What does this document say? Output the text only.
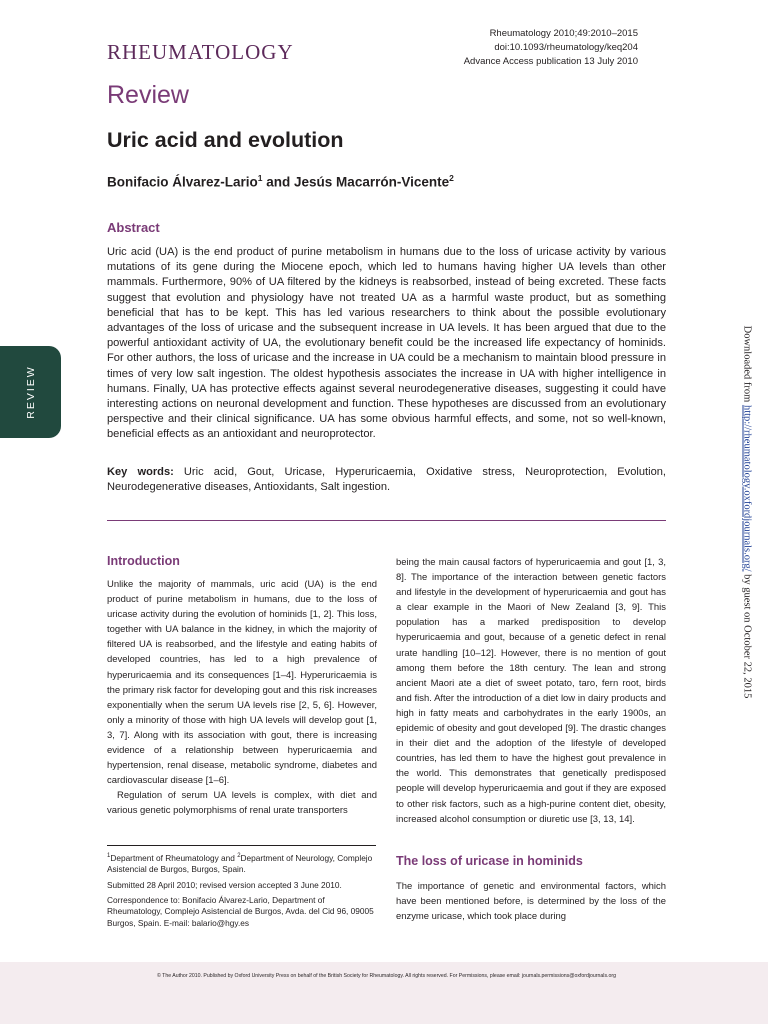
RHEUMATOLOGY
Rheumatology 2010;49:2010–2015
doi:10.1093/rheumatology/keq204
Advance Access publication 13 July 2010
Review
Uric acid and evolution
Bonifacio Álvarez-Lario$^1$ and Jesús Macarrón-Vicente$^2$
Abstract

Uric acid (UA) is the end product of purine metabolism in humans due to the loss of uricase activity by various mutations of its gene during the Miocene epoch, which led to humans having higher UA levels than other mammals. Furthermore, 90% of UA filtered by the kidneys is reabsorbed, instead of being excreted. These facts suggest that evolution and physiology have not treated UA as a harmful waste product, but as something beneficial that has to be kept. This has led various researchers to think about the possible evolutionary advantages of the loss of uricase and the subsequent increase in UA levels. It has been argued that due to the powerful antioxidant activity of UA, the evolutionary benefit could be the increased life expectancy of hominids. For other authors, the loss of uricase and the increase in UA could be a mechanism to maintain blood pressure in times of very low salt ingestion. The oldest hypothesis associates the increase in UA with higher intelligence in humans. Finally, UA has protective effects against several neurodegenerative diseases, suggesting it could have interesting actions on neuronal development and function. These hypotheses are discussed from an evolutionary perspective and their clinical significance. UA has some obvious harmful effects, and some, not so well-known, beneficial effects as an antioxidant and neuroprotector.

Key words: Uric acid, Gout, Uricase, Hyperuricaemia, Oxidative stress, Neuroprotection, Evolution, Neurodegenerative diseases, Antioxidants, Salt ingestion.

REVIEW	Downloaded from http://rheumatology.oxfordjournals.org/ by guest on October 22, 2015
Introduction

Unlike the majority of mammals, uric acid (UA) is the end product of purine metabolism in humans, due to the loss of uricase activity during the evolution of hominids [1, 2]. This loss, together with UA balance in the kidney, in which the majority of filtered UA is reabsorbed, and the lifestyle and eating habits of developed countries, has led to a high prevalence of hyperuricaemia and its consequences [1–4]. Hyperuricaemia is the primary risk factor for developing gout and this risk increases exponentially when the serum UA levels rise [2, 5, 6]. However, only a minority of those with high UA levels will develop gout [1, 3, 7]. Along with its association with gout, there is increasing evidence of a relationship between hyperuricaemia and hypertension, renal disease, metabolic syndrome, diabetes and cardiovascular disease [1–6].

Regulation of serum UA levels is complex, with diet and various genetic polymorphisms of renal urate transporters

being the main causal factors of hyperuricaemia and gout [1, 3, 8]. The importance of the interaction between genetic factors and lifestyle in the development of hyperuricaemia and gout has a clear example in the Maori of New Zealand [3, 9]. This population has a marked predisposition to develop hyperuricaemia and gout, because of a genetic defect in renal urate handling [10–12]. However, there is no mention of gout among them before the 18th century. The lean and strong ancient Maori ate a diet of sweet potato, taro, fern root, birds and fish. After the introduction of a diet low in dairy products and high in fatty meats and carbohydrates in the early 1900s, an epidemic of obesity and gout developed [9]. The drastic changes in their diet and the adoption of the lifestyle of developed countries, has led them to have the highest gout prevalence in the world. This demonstrates that genetically predisposed people will develop hyperuricaemia and gout if they are exposed to other risk factors, such as a high-purine content diet, obesity, increased alcohol consumption or diuretic use [3, 13, 14].

The loss of uricase in hominids

The importance of genetic and environmental factors, which have been mentioned before, is determined by the loss of the enzyme uricase, which took place during

$^1$Department of Rheumatology and $^2$Department of Neurology, Complejo Asistencial de Burgos, Burgos, Spain.

Submitted 28 April 2010; revised version accepted 3 June 2010.

Correspondence to: Bonifacio Álvarez-Lario, Department of Rheumatology, Complejo Asistencial de Burgos, Avda. del Cid 96, 09005 Burgos, Spain. E-mail: balario@hgy.es

© The Author 2010. Published by Oxford University Press on behalf of the British Society for Rheumatology. All rights reserved. For Permissions, please email: journals.permissions@oxfordjournals.org
